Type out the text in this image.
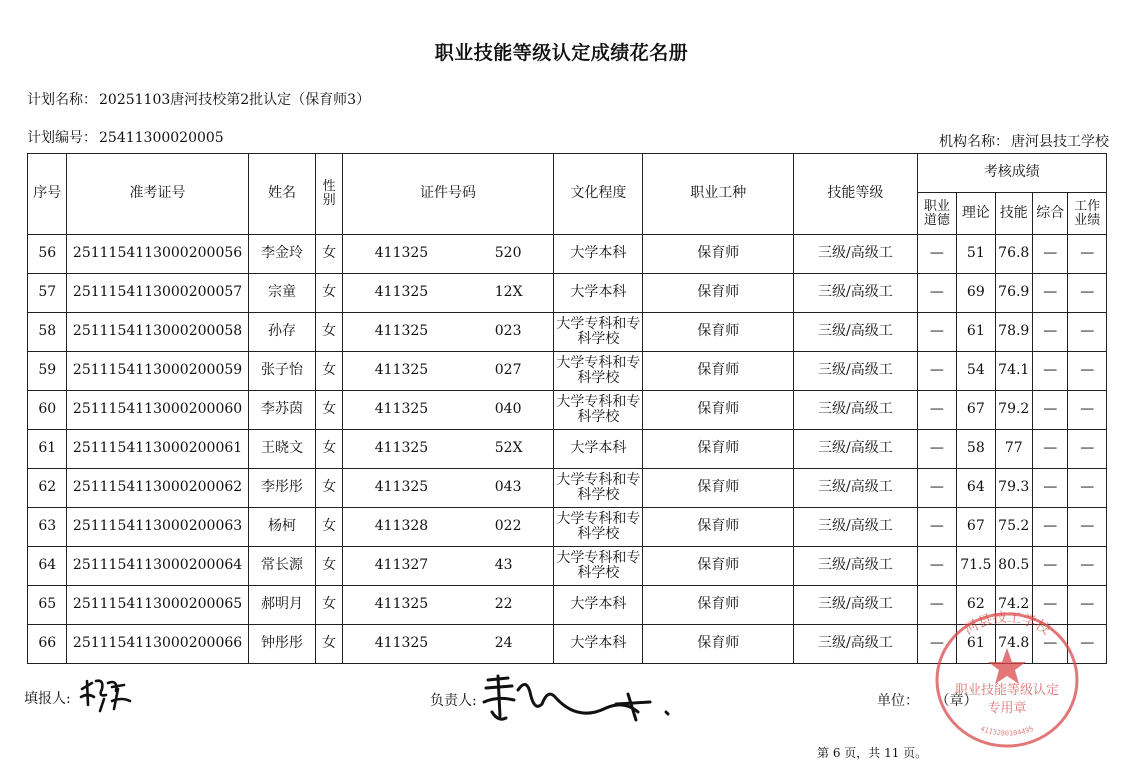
职业技能等级认定成绩花名册
计划名称： 20251103唐河技校第2批认定（保育师3）
计划编号： 25411300020005	机构名称： 唐河县技工学校
序号	准考证号	姓名	性别	证件号码	文化程度	职业工种	技能等级	考核成绩				
								职业道德	理论	技能	综合	工作业绩
56	2511154113000200056	李金玲	女	411325 520	大学本科	保育师	三级/高级工	—	51	76.8	—	—
57	2511154113000200057	宗童	女	411325 12X	大学本科	保育师	三级/高级工	—	69	76.9	—	—
58	2511154113000200058	孙存	女	411325 023	大学专科和专科学校	保育师	三级/高级工	—	61	78.9	—	—
59	2511154113000200059	张子怡	女	411325 027	大学专科和专科学校	保育师	三级/高级工	—	54	74.1	—	—
60	2511154113000200060	李苏茵	女	411325 040	大学专科和专科学校	保育师	三级/高级工	—	67	79.2	—	—
61	2511154113000200061	王晓文	女	411325 52X	大学本科	保育师	三级/高级工	—	58	77	—	—
62	2511154113000200062	李彤彤	女	411325 043	大学专科和专科学校	保育师	三级/高级工	—	64	79.3	—	—
63	2511154113000200063	杨柯	女	411328 022	大学专科和专科学校	保育师	三级/高级工	—	67	75.2	—	—
64	2511154113000200064	常长源	女	411327 43	大学专科和专科学校	保育师	三级/高级工	—	71.5	80.5	—	—
65	2511154113000200065	郝明月	女	411325 22	大学本科	保育师	三级/高级工	—	62	74.2	—	—
66	2511154113000200066	钟彤彤	女	411325 24	大学本科	保育师	三级/高级工	—	61	74.8	—	—
填报人:	负责人:	单位： （章）
河县技工学校
职业技能等级认定
专用章
4113280104495
第 6 页，共 11 页。
